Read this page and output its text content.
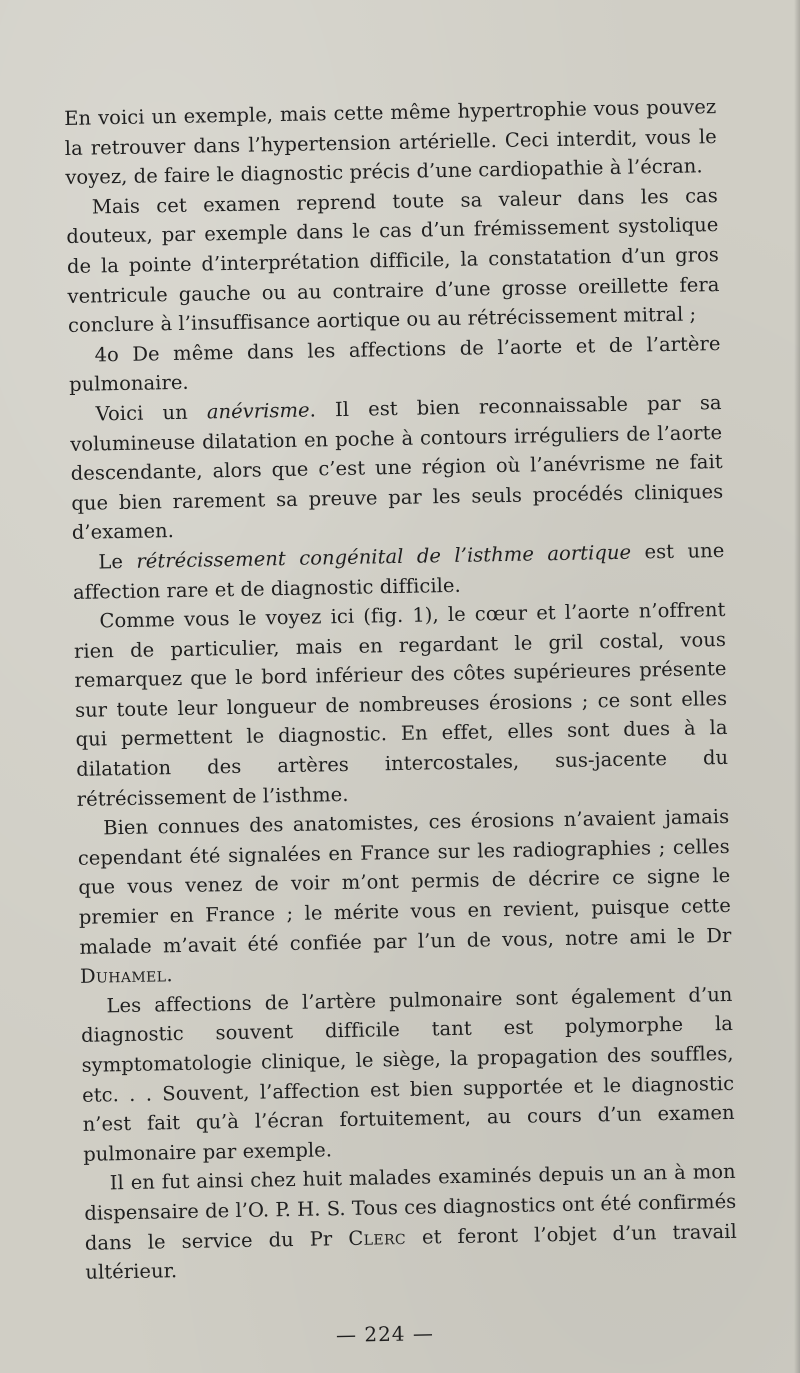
En voici un exemple, mais cette même hypertrophie vous pouvez la retrouver dans l’hypertension artérielle. Ceci interdit, vous le voyez, de faire le diagnostic précis d’une cardiopathie à l’écran.

Mais cet examen reprend toute sa valeur dans les cas douteux, par exemple dans le cas d’un frémissement systolique de la pointe d’interprétation difficile, la constatation d’un gros ventricule gauche ou au contraire d’une grosse oreillette fera conclure à l’insuffisance aortique ou au rétrécissement mitral ;

4o De même dans les affections de l’aorte et de l’artère pulmonaire.

Voici un anévrisme. Il est bien reconnaissable par sa volumineuse dilatation en poche à contours irréguliers de l’aorte descendante, alors que c’est une région où l’anévrisme ne fait que bien rarement sa preuve par les seuls procédés cliniques d’examen.

Le rétrécissement congénital de l’isthme aortique est une affection rare et de diagnostic difficile.

Comme vous le voyez ici (fig. 1), le cœur et l’aorte n’offrent rien de particulier, mais en regardant le gril costal, vous remarquez que le bord inférieur des côtes supérieures présente sur toute leur longueur de nombreuses érosions ; ce sont elles qui permettent le diagnostic. En effet, elles sont dues à la dilatation des artères intercostales, sus-jacente du rétrécissement de l’isthme.

Bien connues des anatomistes, ces érosions n’avaient jamais cependant été signalées en France sur les radiographies ; celles que vous venez de voir m’ont permis de décrire ce signe le premier en France ; le mérite vous en revient, puisque cette malade m’avait été confiée par l’un de vous, notre ami le Dr Duhamel.

Les affections de l’artère pulmonaire sont également d’un diagnostic souvent difficile tant est polymorphe la symptomatologie clinique, le siège, la propagation des souffles, etc. . . Souvent, l’affection est bien supportée et le diagnostic n’est fait qu’à l’écran fortuitement, au cours d’un examen pulmonaire par exemple.

Il en fut ainsi chez huit malades examinés depuis un an à mon dispensaire de l’O. P. H. S. Tous ces diagnostics ont été confirmés dans le service du Pr Clerc et feront l’objet d’un travail ultérieur.

— 224 —
